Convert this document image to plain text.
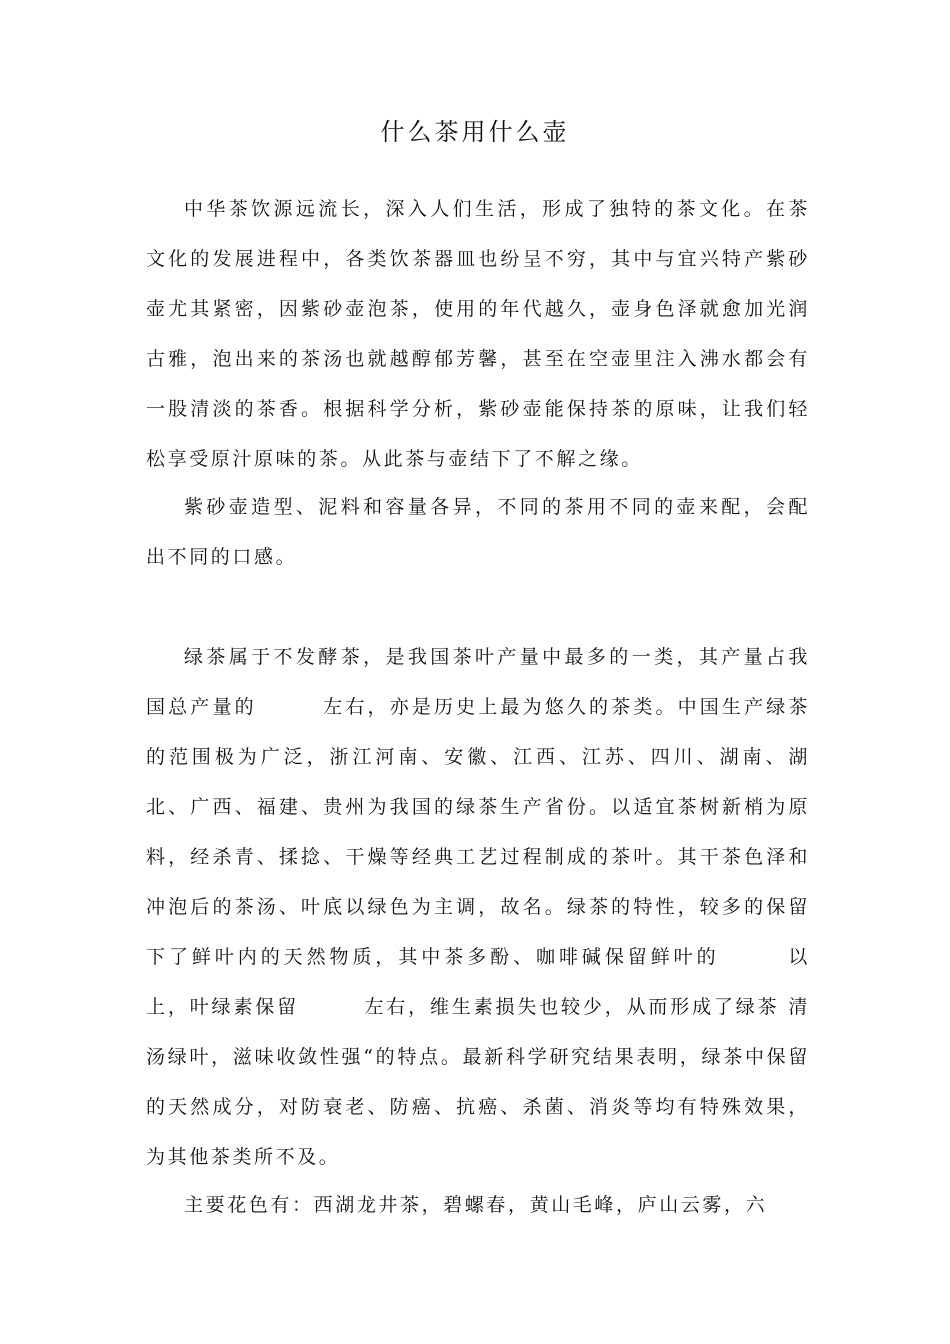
什么茶用什么壶

中华茶饮源远流长，深入人们生活，形成了独特的茶文化。在茶文化的发展进程中，各类饮茶器皿也纷呈不穷，其中与宜兴特产紫砂壶尤其紧密，因紫砂壶泡茶，使用的年代越久，壶身色泽就愈加光润古雅，泡出来的茶汤也就越醇郁芳馨，甚至在空壶里注入沸水都会有一股清淡的茶香。根据科学分析，紫砂壶能保持茶的原味，让我们轻松享受原汁原味的茶。从此茶与壶结下了不解之缘。

紫砂壶造型、泥料和容量各异，不同的茶用不同的壶来配，会配出不同的口感。

绿茶属于不发酵茶，是我国茶叶产量中最多的一类，其产量占我国总产量的　　　左右，亦是历史上最为悠久的茶类。中国生产绿茶的范围极为广泛，浙江河南、安徽、江西、江苏、四川、湖南、湖北、广西、福建、贵州为我国的绿茶生产省份。以适宜茶树新梢为原料，经杀青、揉捻、干燥等经典工艺过程制成的茶叶。其干茶色泽和冲泡后的茶汤、叶底以绿色为主调，故名。绿茶的特性，较多的保留下了鲜叶内的天然物质，其中茶多酚、咖啡碱保留鲜叶的　　　以上，叶绿素保留　　　左右，维生素损失也较少，从而形成了绿茶 清汤绿叶，滋味收敛性强“的特点。最新科学研究结果表明，绿茶中保留的天然成分，对防衰老、防癌、抗癌、杀菌、消炎等均有特殊效果，为其他茶类所不及。

主要花色有：西湖龙井茶，碧螺春，黄山毛峰，庐山云雾，六
